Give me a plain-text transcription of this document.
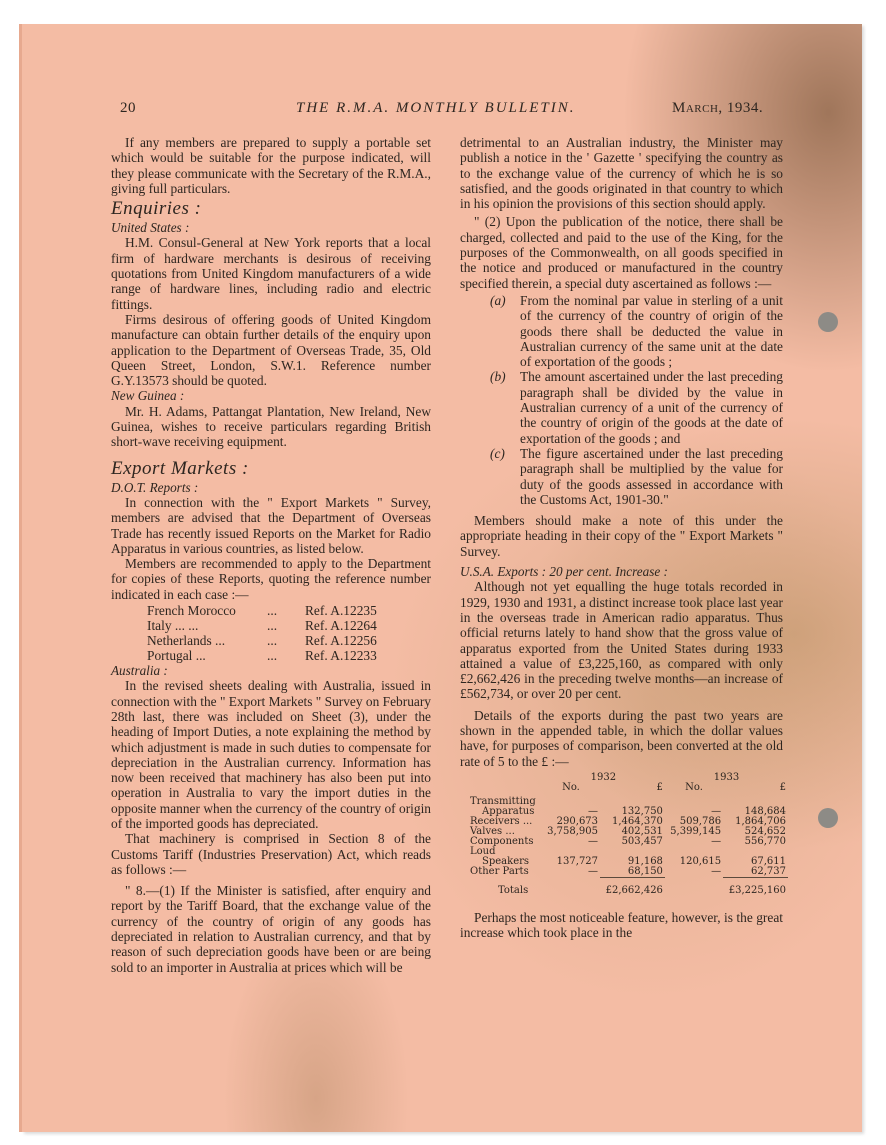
20	THE R.M.A. MONTHLY BULLETIN.	March, 1934.

If any members are prepared to supply a portable set which would be suitable for the purpose indicated, will they please communicate with the Secretary of the R.M.A., giving full particulars.

Enquiries :
United States :

H.M. Consul-General at New York reports that a local firm of hardware merchants is desirous of receiving quotations from United Kingdom manufacturers of a wide range of hardware lines, including radio and electric fittings.

Firms desirous of offering goods of United Kingdom manufacture can obtain further details of the enquiry upon application to the Department of Overseas Trade, 35, Old Queen Street, London, S.W.1. Reference number G.Y.13573 should be quoted.

New Guinea :

Mr. H. Adams, Pattangat Plantation, New Ireland, New Guinea, wishes to receive particulars regarding British short-wave receiving equipment.

Export Markets :
D.O.T. Reports :

In connection with the " Export Markets " Survey, members are advised that the Department of Overseas Trade has recently issued Reports on the Market for Radio Apparatus in various countries, as listed below.

Members are recommended to apply to the Department for copies of these Reports, quoting the reference number indicated in each case :—

French Morocco	...	Ref. A.12235
Italy ... ...	...	Ref. A.12264
Netherlands ...	...	Ref. A.12256
Portugal ...	...	Ref. A.12233
Australia :

In the revised sheets dealing with Australia, issued in connection with the " Export Markets " Survey on February 28th last, there was included on Sheet (3), under the heading of Import Duties, a note explaining the method by which adjustment is made in such duties to compensate for depreciation in the Australian currency. Information has now been received that machinery has also been put into operation in Australia to vary the import duties in the opposite manner when the currency of the country of origin of the imported goods has depreciated.

That machinery is comprised in Section 8 of the Customs Tariff (Industries Preservation) Act, which reads as follows :—

" 8.—(1) If the Minister is satisfied, after enquiry and report by the Tariff Board, that the exchange value of the currency of the country of origin of any goods has depreciated in relation to Australian currency, and that by reason of such depreciation goods have been or are being sold to an importer in Australia at prices which will be

detrimental to an Australian industry, the Minister may publish a notice in the ' Gazette ' specifying the country as to the exchange value of the currency of which he is so satisfied, and the goods originated in that country to which in his opinion the provisions of this section should apply.

" (2) Upon the publication of the notice, there shall be charged, collected and paid to the use of the King, for the purposes of the Commonwealth, on all goods specified in the notice and produced or manufactured in the country specified therein, a special duty ascertained as follows :—

(a)	From the nominal par value in sterling of a unit of the currency of the country of origin of the goods there shall be deducted the value in Australian currency of the same unit at the date of exportation of the goods ;
(b)	The amount ascertained under the last preceding paragraph shall be divided by the value in Australian currency of a unit of the currency of the country of origin of the goods at the date of exportation of the goods ; and
(c)	The figure ascertained under the last preceding paragraph shall be multiplied by the value for duty of the goods assessed in accordance with the Customs Act, 1901-30."

Members should make a note of this under the appropriate heading in their copy of the " Export Markets " Survey.

U.S.A. Exports : 20 per cent. Increase :

Although not yet equalling the huge totals recorded in 1929, 1930 and 1931, a distinct increase took place last year in the overseas trade in American radio apparatus. Thus official returns lately to hand show that the gross value of apparatus exported from the United States during 1933 attained a value of £3,225,160, as compared with only £2,662,426 in the preceding twelve months—an increase of £562,734, or over 20 per cent.

Details of the exports during the past two years are shown in the appended table, in which the dollar values have, for purposes of comparison, been converted at the old rate of 5 to the £ :—

	1932		1933	
	No.	£	No.	£

Transmitting				
Apparatus	—	132,750	—	148,684
Receivers ...	290,673	1,464,370	509,786	1,864,706
Valves ...	3,758,905	402,531	5,399,145	524,652
Components	—	503,457	—	556,770
Loud				
Speakers	137,727	91,168	120,615	67,611
Other Parts	—	68,150	—	62,737
Totals		£2,662,426		£3,225,160

Perhaps the most noticeable feature, however, is the great increase which took place in the
